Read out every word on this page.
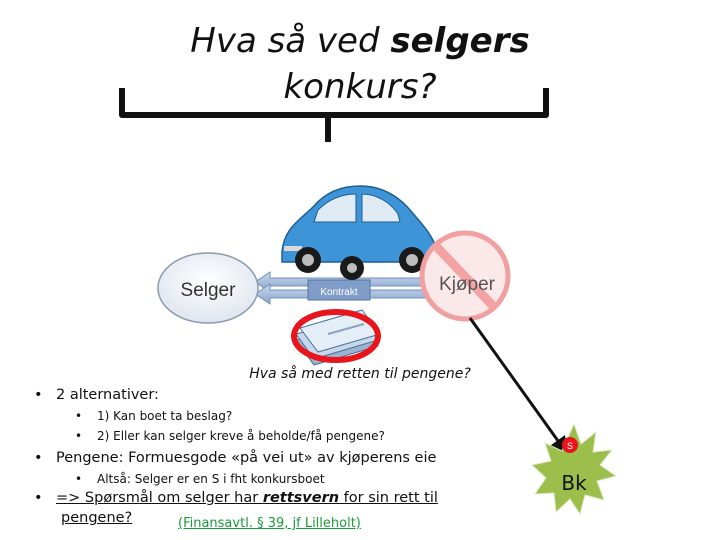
Hva så ved selgers
konkurs?
Kontrakt
Selger	Kjøper
S
Bk
Hva så med retten til pengene?
• 2 alternativer:
• 1) Kan boet ta beslag?
• 2) Eller kan selger kreve å beholde/få pengene?
• Pengene: Formuesgode «på vei ut» av kjøperens eie
• Altså: Selger er en S i fht konkursboet
• => Spørsmål om selger har rettsvern for sin rett til
pengene?	(Finansavtl. § 39, jf Lilleholt)
